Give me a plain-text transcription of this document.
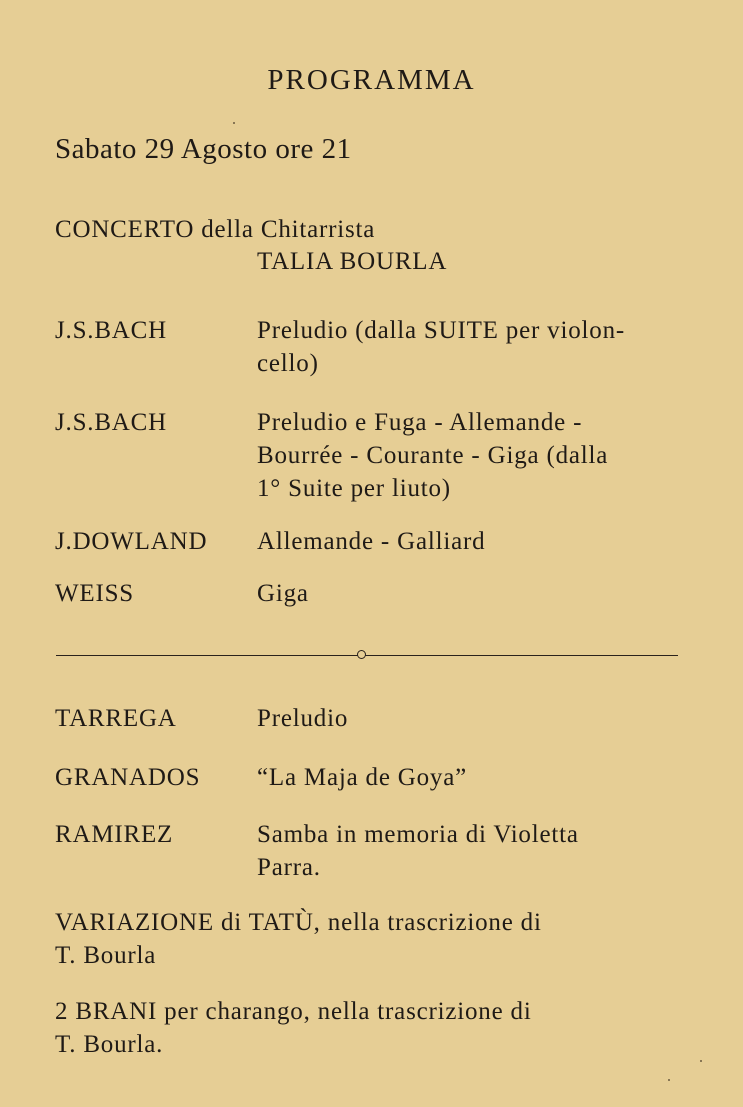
PROGRAMMA
Sabato 29 Agosto ore 21
CONCERTO della Chitarrista
TALIA BOURLA
J.S.BACH	Preludio (dalla SUITE per violon-
cello)
J.S.BACH	Preludio e Fuga - Allemande -
Bourrée - Courante - Giga (dalla
1° Suite per liuto)
J.DOWLAND Allemande - Galliard
WEISS	Giga
TARREGA	Preludio
GRANADOS “La Maja de Goya”
RAMIREZ	Samba in memoria di Violetta
Parra.
VARIAZIONE di TATÙ, nella trascrizione di
T. Bourla
2 BRANI per charango, nella trascrizione di
T. Bourla.
